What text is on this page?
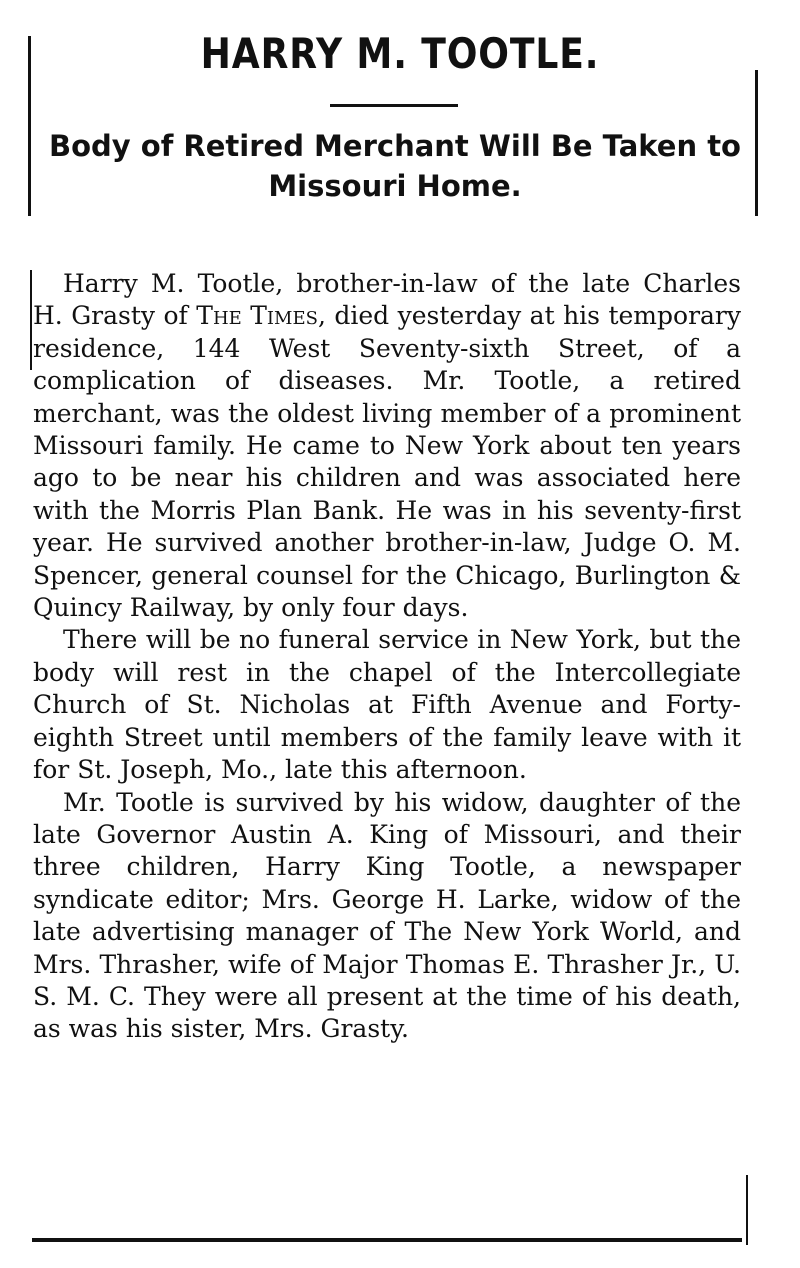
HARRY M. TOOTLE.
Body of Retired Merchant Will Be Taken to Missouri Home.

Harry M. Tootle, brother-in-law of the late Charles H. Grasty of The Times, died yesterday at his temporary residence, 144 West Seventy-sixth Street, of a complication of diseases. Mr. Tootle, a retired merchant, was the oldest living member of a prominent Missouri family. He came to New York about ten years ago to be near his children and was associated here with the Morris Plan Bank. He was in his seventy-first year. He survived another brother-in-law, Judge O. M. Spencer, general counsel for the Chicago, Burlington & Quincy Railway, by only four days.

There will be no funeral service in New York, but the body will rest in the chapel of the Intercollegiate Church of St. Nicholas at Fifth Avenue and Forty-eighth Street until members of the family leave with it for St. Joseph, Mo., late this afternoon.

Mr. Tootle is survived by his widow, daughter of the late Governor Austin A. King of Missouri, and their three children, Harry King Tootle, a newspaper syndicate editor; Mrs. George H. Larke, widow of the late advertising manager of The New York World, and Mrs. Thrasher, wife of Major Thomas E. Thrasher Jr., U. S. M. C. They were all present at the time of his death, as was his sister, Mrs. Grasty.
